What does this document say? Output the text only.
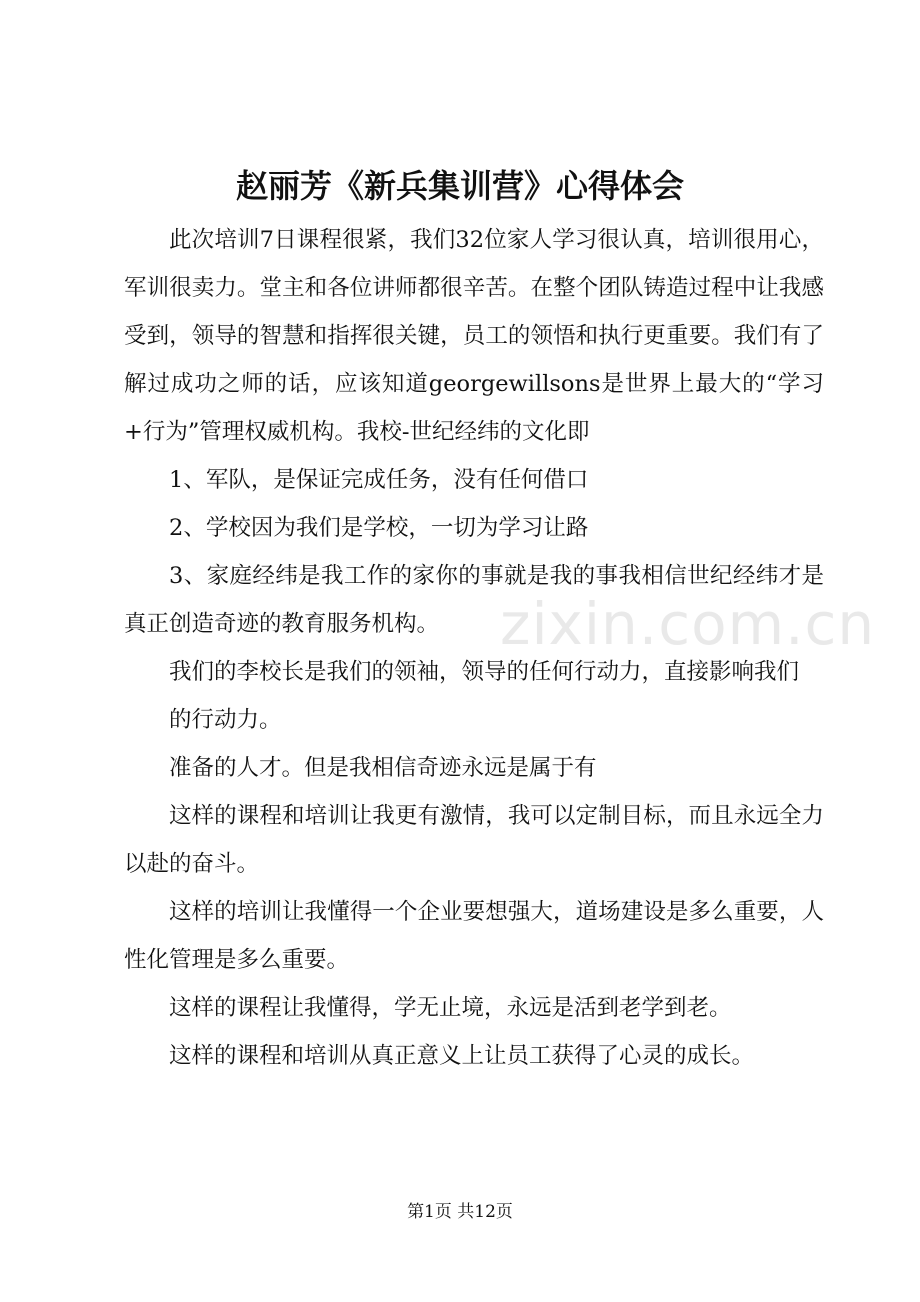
zixin.com.cn
赵丽芳《新兵集训营》心得体会

此次培训7日课程很紧，我们32位家人学习很认真，培训很用心，军训很卖力。堂主和各位讲师都很辛苦。在整个团队铸造过程中让我感受到，领导的智慧和指挥很关键，员工的领悟和执行更重要。我们有了解过成功之师的话，应该知道georgewillsons是世界上最大的“学习+行为”管理权威机构。我校-世纪经纬的文化即

1、军队，是保证完成任务，没有任何借口

2、学校因为我们是学校，一切为学习让路

3、家庭经纬是我工作的家你的事就是我的事我相信世纪经纬才是真正创造奇迹的教育服务机构。

我们的李校长是我们的领袖，领导的任何行动力，直接影响我们

的行动力。

准备的人才。但是我相信奇迹永远是属于有

这样的课程和培训让我更有激情，我可以定制目标，而且永远全力以赴的奋斗。

这样的培训让我懂得一个企业要想强大，道场建设是多么重要，人性化管理是多么重要。

这样的课程让我懂得，学无止境，永远是活到老学到老。

这样的课程和培训从真正意义上让员工获得了心灵的成长。

第1页 共12页
